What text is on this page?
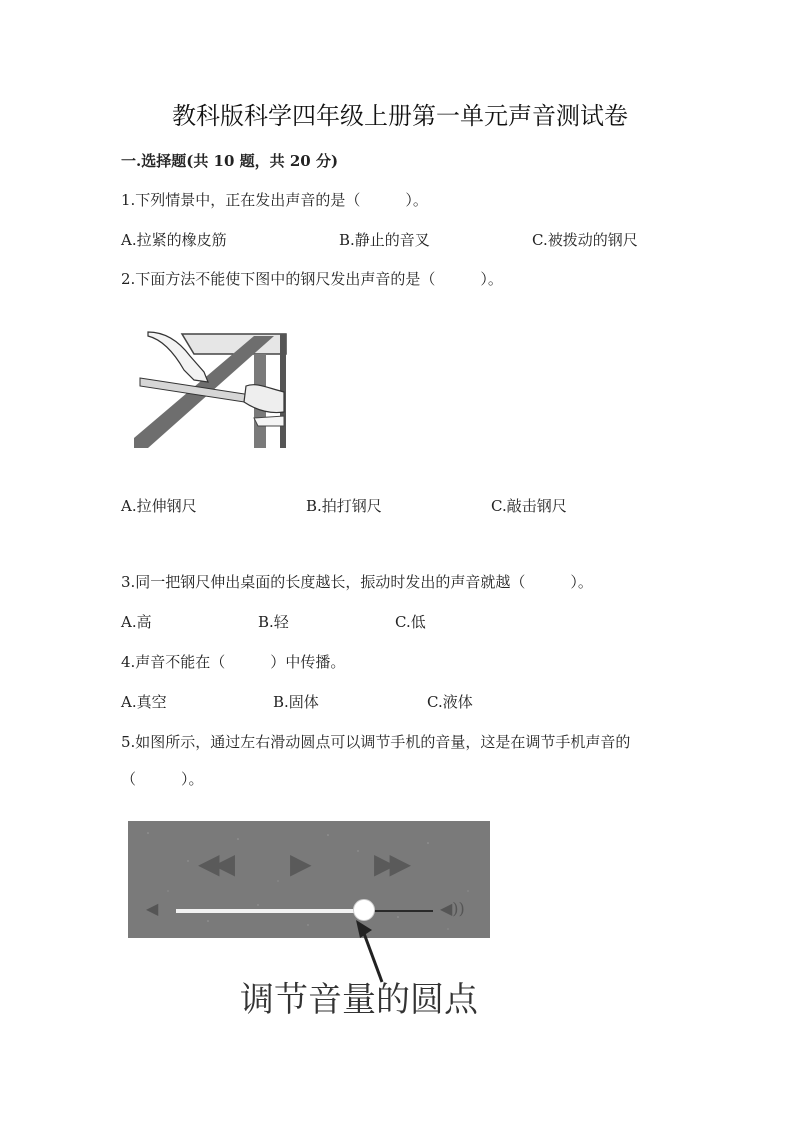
教科版科学四年级上册第一单元声音测试卷
一.选择题(共 10 题，共 20 分)
1.下列情景中，正在发出声音的是（　　　）。
A.拉紧的橡皮筋	B.静止的音叉	C.被拨动的钢尺
2.下面方法不能使下图中的钢尺发出声音的是（　　　）。
A.拉伸钢尺	B.拍打钢尺	C.敲击钢尺
3.同一把钢尺伸出桌面的长度越长，振动时发出的声音就越（　　　）。
A.高	B.轻	C.低
4.声音不能在（　　　）中传播。
A.真空	B.固体	C.液体
5.如图所示，通过左右滑动圆点可以调节手机的音量，这是在调节手机声音的
（　　　）。
◀◀ ▶ ▶▶
◀	◀))
调节音量的圆点
